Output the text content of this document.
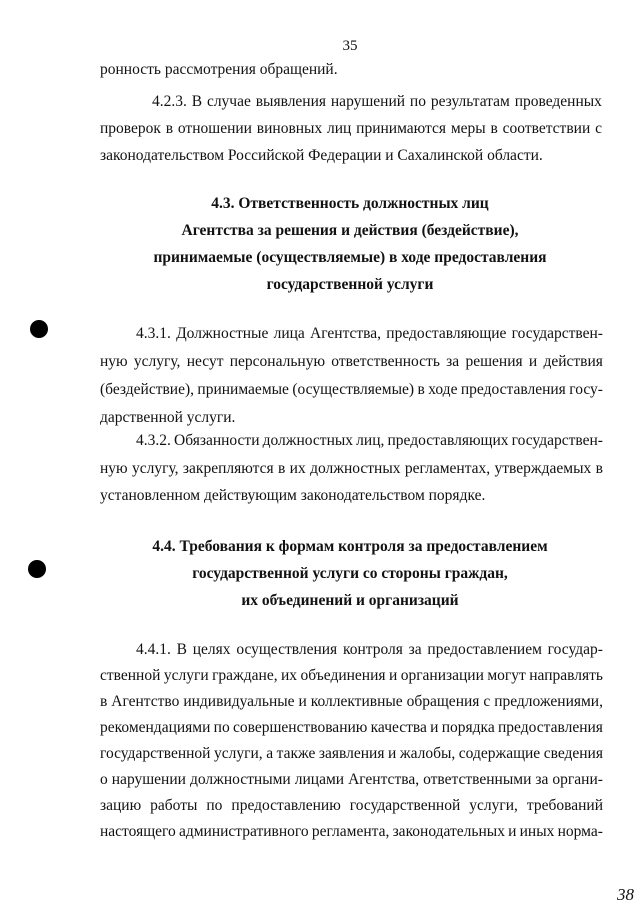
35
ронность рассмотрения обращений.
4.2.3. В случае выявления нарушений по результатам проведенных
проверок в отношении виновных лиц принимаются меры в соответствии с
законодательством Российской Федерации и Сахалинской области.
4.3. Ответственность должностных лиц
Агентства за решения и действия (бездействие),
принимаемые (осуществляемые) в ходе предоставления
государственной услуги
4.3.1. Должностные лица Агентства, предоставляющие государствен-
ную услугу, несут персональную ответственность за решения и действия
(бездействие), принимаемые (осуществляемые) в ходе предоставления госу-
дарственной услуги.
4.3.2. Обязанности должностных лиц, предоставляющих государствен-
ную услугу, закрепляются в их должностных регламентах, утверждаемых в
установленном действующим законодательством порядке.
4.4. Требования к формам контроля за предоставлением
государственной услуги со стороны граждан,
их объединений и организаций
4.4.1. В целях осуществления контроля за предоставлением государ-
ственной услуги граждане, их объединения и организации могут направлять
в Агентство индивидуальные и коллективные обращения с предложениями,
рекомендациями по совершенствованию качества и порядка предоставления
государственной услуги, а также заявления и жалобы, содержащие сведения
о нарушении должностными лицами Агентства, ответственными за органи-
зацию работы по предоставлению государственной услуги, требований
настоящего административного регламента, законодательных и иных норма-
38
